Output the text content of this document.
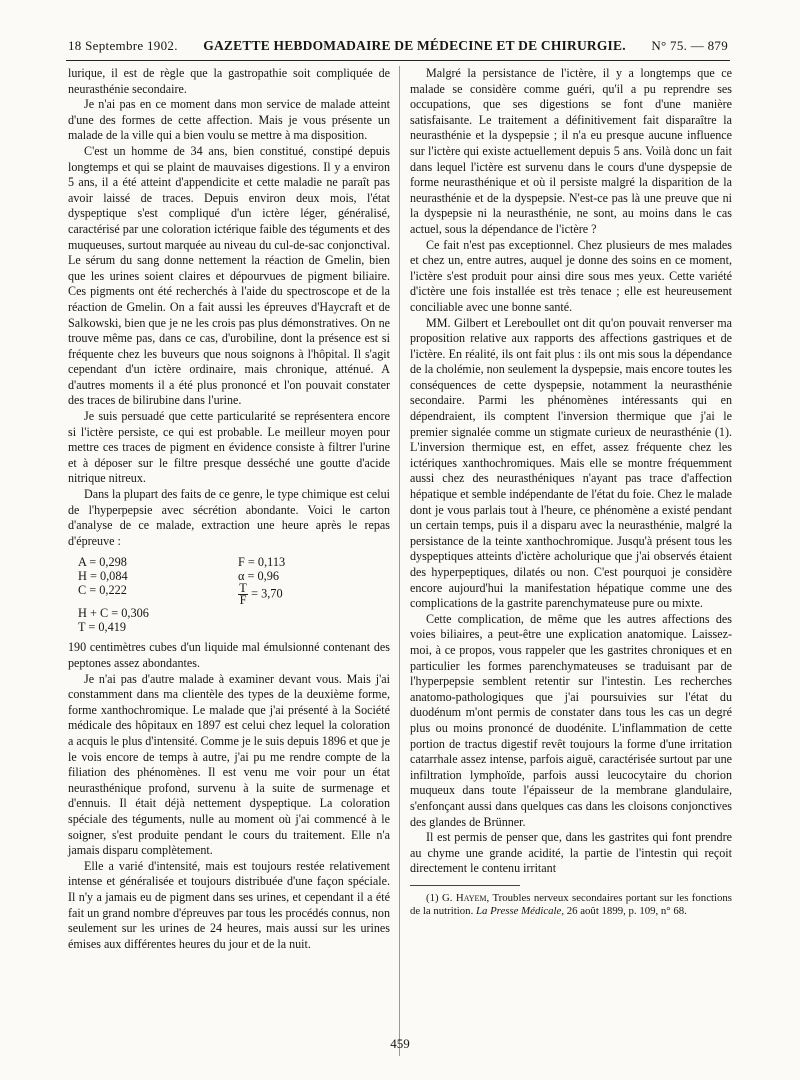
18 Septembre 1902. GAZETTE HEBDOMADAIRE DE MÉDECINE ET DE CHIRURGIE. N° 75. — 879

lurique, il est de règle que la gastropathie soit compliquée de neurasthénie secondaire.

Je n'ai pas en ce moment dans mon service de malade atteint d'une des formes de cette affection. Mais je vous présente un malade de la ville qui a bien voulu se mettre à ma disposition.

C'est un homme de 34 ans, bien constitué, constipé depuis longtemps et qui se plaint de mauvaises digestions. Il y a environ 5 ans, il a été atteint d'appendicite et cette maladie ne paraît pas avoir laissé de traces. Depuis environ deux mois, l'état dyspeptique s'est compliqué d'un ictère léger, généralisé, caractérisé par une coloration ictérique faible des téguments et des muqueuses, surtout marquée au niveau du cul-de-sac conjonctival. Le sérum du sang donne nettement la réaction de Gmelin, bien que les urines soient claires et dépourvues de pigment biliaire. Ces pigments ont été recherchés à l'aide du spectroscope et de la réaction de Gmelin. On a fait aussi les épreuves d'Haycraft et de Salkowski, bien que je ne les crois pas plus démonstratives. On ne trouve même pas, dans ce cas, d'urobiline, dont la présence est si fréquente chez les buveurs que nous soignons à l'hôpital. Il s'agit cependant d'un ictère ordinaire, mais chronique, atténué. A d'autres moments il a été plus prononcé et l'on pouvait constater des traces de bilirubine dans l'urine.

Je suis persuadé que cette particularité se représentera encore si l'ictère persiste, ce qui est probable. Le meilleur moyen pour mettre ces traces de pigment en évidence consiste à filtrer l'urine et à déposer sur le filtre presque desséché une goutte d'acide nitrique nitreux.

Dans la plupart des faits de ce genre, le type chimique est celui de l'hyperpepsie avec sécrétion abondante. Voici le carton d'analyse de ce malade, extraction une heure après le repas d'épreuve :

A = 0,298	F = 0,113
H = 0,084	α = 0,96
C = 0,222	$\frac{T}{F} = 3,70$
H + C = 0,306
T = 0,419

190 centimètres cubes d'un liquide mal émulsionné contenant des peptones assez abondantes.

Je n'ai pas d'autre malade à examiner devant vous. Mais j'ai constamment dans ma clientèle des types de la deuxième forme, forme xanthochromique. Le malade que j'ai présenté à la Société médicale des hôpitaux en 1897 est celui chez lequel la coloration a acquis le plus d'intensité. Comme je le suis depuis 1896 et que je le vois encore de temps à autre, j'ai pu me rendre compte de la filiation des phénomènes. Il est venu me voir pour un état neurasthénique profond, survenu à la suite de surmenage et d'ennuis. Il était déjà nettement dyspeptique. La coloration spéciale des téguments, nulle au moment où j'ai commencé à le soigner, s'est produite pendant le cours du traitement. Elle n'a jamais disparu complètement.

Elle a varié d'intensité, mais est toujours restée relativement intense et généralisée et toujours distribuée d'une façon spéciale. Il n'y a jamais eu de pigment dans ses urines, et cependant il a été fait un grand nombre d'épreuves par tous les procédés connus, non seulement sur les urines de 24 heures, mais aussi sur les urines émises aux différentes heures du jour et de la nuit.

Malgré la persistance de l'ictère, il y a longtemps que ce malade se considère comme guéri, qu'il a pu reprendre ses occupations, que ses digestions se font d'une manière satisfaisante. Le traitement a définitivement fait disparaître la neurasthénie et la dyspepsie ; il n'a eu presque aucune influence sur l'ictère qui existe actuellement depuis 5 ans. Voilà donc un fait dans lequel l'ictère est survenu dans le cours d'une dyspepsie de forme neurasthénique et où il persiste malgré la disparition de la neurasthénie et de la dyspepsie. N'est-ce pas là une preuve que ni la dyspepsie ni la neurasthénie, ne sont, au moins dans le cas actuel, sous la dépendance de l'ictère ?

Ce fait n'est pas exceptionnel. Chez plusieurs de mes malades et chez un, entre autres, auquel je donne des soins en ce moment, l'ictère s'est produit pour ainsi dire sous mes yeux. Cette variété d'ictère une fois installée est très tenace ; elle est heureusement conciliable avec une bonne santé.

MM. Gilbert et Lereboullet ont dit qu'on pouvait renverser ma proposition relative aux rapports des affections gastriques et de l'ictère. En réalité, ils ont fait plus : ils ont mis sous la dépendance de la cholémie, non seulement la dyspepsie, mais encore toutes les conséquences de cette dyspepsie, notamment la neurasthénie secondaire. Parmi les phénomènes intéressants qui en dépendraient, ils comptent l'inversion thermique que j'ai le premier signalée comme un stigmate curieux de neurasthénie (1). L'inversion thermique est, en effet, assez fréquente chez les ictériques xanthochromiques. Mais elle se montre fréquemment aussi chez des neurasthéniques n'ayant pas trace d'affection hépatique et semble indépendante de l'état du foie. Chez le malade dont je vous parlais tout à l'heure, ce phénomène a existé pendant un certain temps, puis il a disparu avec la neurasthénie, malgré la persistance de la teinte xanthochromique. Jusqu'à présent tous les dyspeptiques atteints d'ictère acholurique que j'ai observés étaient des hyperpeptiques, dilatés ou non. C'est pourquoi je considère encore aujourd'hui la manifestation hépatique comme une des complications de la gastrite parenchymateuse pure ou mixte.

Cette complication, de même que les autres affections des voies biliaires, a peut-être une explication anatomique. Laissez-moi, à ce propos, vous rappeler que les gastrites chroniques et en particulier les formes parenchymateuses se traduisant par de l'hyperpepsie semblent retentir sur l'intestin. Les recherches anatomo-pathologiques que j'ai poursuivies sur l'état du duodénum m'ont permis de constater dans tous les cas un degré plus ou moins prononcé de duodénite. L'inflammation de cette portion de tractus digestif revêt toujours la forme d'une irritation catarrhale assez intense, parfois aiguë, caractérisée surtout par une infiltration lymphoïde, parfois aussi leucocytaire du chorion muqueux dans toute l'épaisseur de la membrane glandulaire, s'enfonçant aussi dans quelques cas dans les cloisons conjonctives des glandes de Brünner.

Il est permis de penser que, dans les gastrites qui font prendre au chyme une grande acidité, la partie de l'intestin qui reçoit directement le contenu irritant

(1) G. Hayem, Troubles nerveux secondaires portant sur les fonctions de la nutrition. La Presse Médicale, 26 août 1899, p. 109, n° 68.

459
